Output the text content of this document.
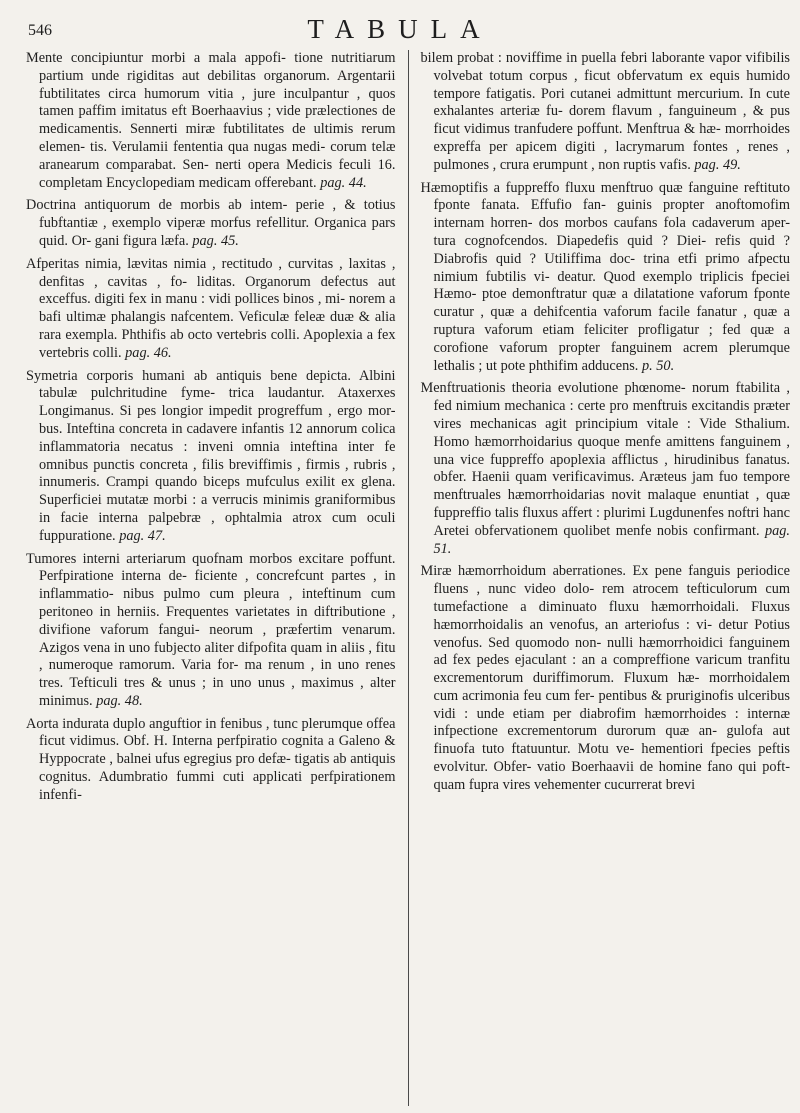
546	TABULA

Mente concipiuntur morbi a mala appofi- tione nutritiarum partium unde rigiditas aut debilitas organorum. Argentarii fubtilitates circa humorum vitia , jure inculpantur , quos tamen paffim imitatus eft Boerhaavius ; vide prælectiones de medicamentis. Sennerti miræ fubtilitates de ultimis rerum elemen- tis. Verulamii fententia qua nugas medi- corum telæ aranearum comparabat. Sen- nerti opera Medicis feculi 16. completam Encyclopediam medicam offerebant. pag. 44.

Doctrina antiquorum de morbis ab intem- perie , & totius fubftantiæ , exemplo viperæ morfus refellitur. Organica pars quid. Or- gani figura læfa. pag. 45.

Afperitas nimia, lævitas nimia , rectitudo , curvitas , laxitas , denfitas , cavitas , fo- liditas. Organorum defectus aut exceffus. digiti fex in manu : vidi pollices binos , mi- norem a bafi ultimæ phalangis nafcentem. Veficulæ feleæ duæ & alia rara exempla. Phthifis ab octo vertebris colli. Apoplexia a fex vertebris colli. pag. 46.

Symetria corporis humani ab antiquis bene depicta. Albini tabulæ pulchritudine fyme- trica laudantur. Ataxerxes Longimanus. Si pes longior impedit progreffum , ergo mor- bus. Inteftina concreta in cadavere infantis 12 annorum colica inflammatoria necatus : inveni omnia inteftina inter fe omnibus punctis concreta , filis breviffimis , firmis , rubris , innumeris. Crampi quando biceps mufculus exilit ex glena. Superficiei mutatæ morbi : a verrucis minimis graniformibus in facie interna palpebræ , ophtalmia atrox cum oculi fuppuratione. pag. 47.

Tumores interni arteriarum quofnam morbos excitare poffunt. Perfpiratione interna de- ficiente , concrefcunt partes , in inflammatio- nibus pulmo cum pleura , inteftinum cum peritoneo in herniis. Frequentes varietates in diftributione , divifione vaforum fangui- neorum , præfertim venarum. Azigos vena in uno fubjecto aliter difpofita quam in aliis , fitu , numeroque ramorum. Varia for- ma renum , in uno renes tres. Tefticuli tres & unus ; in uno unus , maximus , alter minimus. pag. 48.

Aorta indurata duplo anguftior in fenibus , tunc plerumque offea ficut vidimus. Obf. H. Interna perfpiratio cognita a Galeno & Hyppocrate , balnei ufus egregius pro defæ- tigatis ab antiquis cognitus. Adumbratio fummi cuti applicati perfpirationem infenfi-

bilem probat : noviffime in puella febri laborante vapor vifibilis volvebat totum corpus , ficut obfervatum ex equis humido tempore fatigatis. Pori cutanei admittunt mercurium. In cute exhalantes arteriæ fu- dorem flavum , fanguineum , & pus ficut vidimus tranfudere poffunt. Menftrua & hæ- morrhoides expreffa per apicem digiti , lacrymarum fontes , renes , pulmones , crura erumpunt , non ruptis vafis. pag. 49.

Hæmoptifis a fuppreffo fluxu menftruo quæ fanguine reftituto fponte fanata. Effufio fan- guinis propter anoftomofim internam horren- dos morbos caufans fola cadaverum aper- tura cognofcendos. Diapedefis quid ? Diei- refis quid ? Diabrofis quid ? Utiliffima doc- trina etfi primo afpectu nimium fubtilis vi- deatur. Quod exemplo triplicis fpeciei Hæmo- ptoe demonftratur quæ a dilatatione vaforum fponte curatur , quæ a dehifcentia vaforum facile fanatur , quæ a ruptura vaforum etiam feliciter profligatur ; fed quæ a corofione vaforum propter fanguinem acrem plerumque lethalis ; ut pote phthifim adducens. p. 50.

Menftruationis theoria evolutione phœnome- norum ftabilita , fed nimium mechanica : certe pro menftruis excitandis præter vires mechanicas agit principium vitale : Vide Sthalium. Homo hæmorrhoidarius quoque menfe amittens fanguinem , una vice fuppreffo apoplexia afflictus , hirudinibus fanatus. obfer. Haenii quam verificavimus. Aræteus jam fuo tempore menftruales hæmorrhoidarias novit malaque enuntiat , quæ fuppreffio talis fluxus affert : plurimi Lugdunenfes noftri hanc Aretei obfervationem quolibet menfe nobis confirmant. pag. 51.

Miræ hæmorrhoidum aberrationes. Ex pene fanguis periodice fluens , nunc video dolo- rem atrocem tefticulorum cum tumefactione a diminuato fluxu hæmorrhoidali. Fluxus hæmorrhoidalis an venofus, an arteriofus : vi- detur Potius venofus. Sed quomodo non- nulli hæmorrhoidici fanguinem ad fex pedes ejaculant : an a compreffione varicum tranfitu excrementorum duriffimorum. Fluxum hæ- morrhoidalem cum acrimonia feu cum fer- pentibus & pruriginofis ulceribus vidi : unde etiam per diabrofim hæmorrhoides : internæ infpectione excrementorum durorum quæ an- gulofa aut finuofa tuto ftatuuntur. Motu ve- hementiori fpecies peftis evolvitur. Obfer- vatio Boerhaavii de homine fano qui poft- quam fupra vires vehementer cucurrerat brevi
